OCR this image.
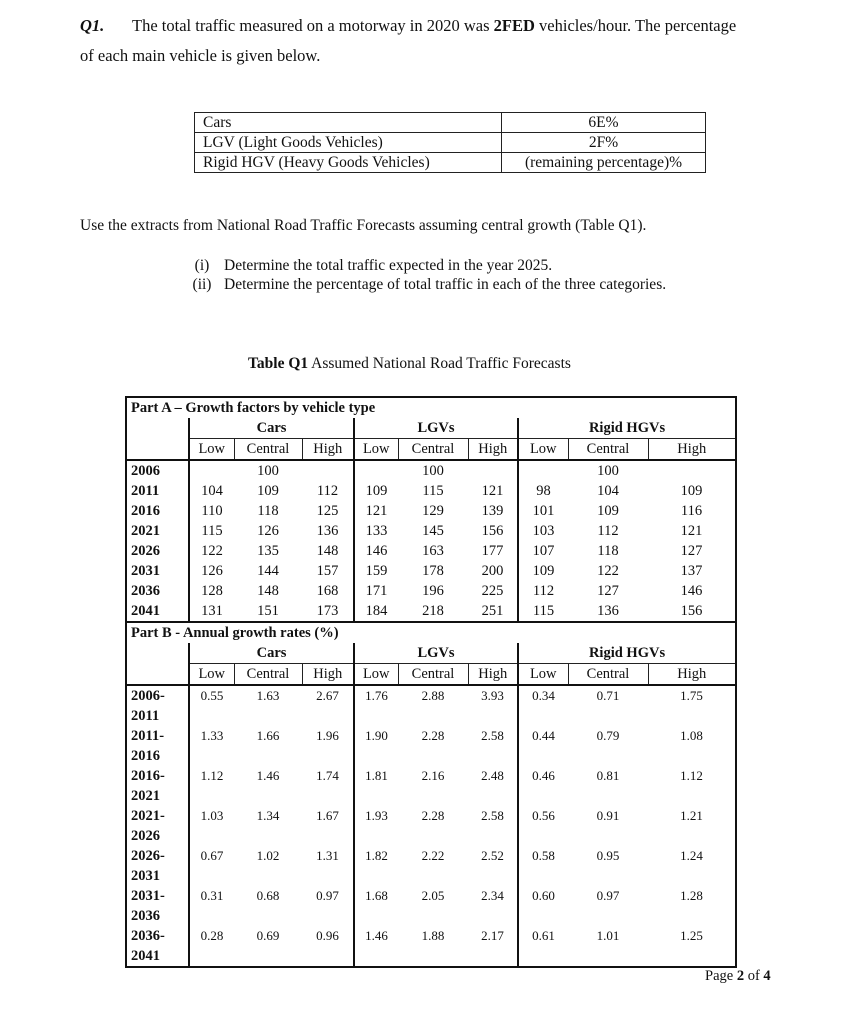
Q1. The total traffic measured on a motorway in 2020 was 2FED vehicles/hour. The percentage
of each main vehicle is given below.
Cars	6E%
LGV (Light Goods Vehicles)	2F%
Rigid HGV (Heavy Goods Vehicles)	(remaining percentage)%
Use the extracts from National Road Traffic Forecasts assuming central growth (Table Q1).
(i) Determine the total traffic expected in the year 2025.
(ii) Determine the percentage of total traffic in each of the three categories.
Table Q1 Assumed National Road Traffic Forecasts
Part A – Growth factors by vehicle type									
	Cars			LGVs			Rigid HGVs		
	Low	Central	High	Low	Central	High	Low	Central	High
2006		100			100			100	
2011	104	109	112	109	115	121	98	104	109
2016	110	118	125	121	129	139	101	109	116
2021	115	126	136	133	145	156	103	112	121
2026	122	135	148	146	163	177	107	118	127
2031	126	144	157	159	178	200	109	122	137
2036	128	148	168	171	196	225	112	127	146
2041	131	151	173	184	218	251	115	136	156
Part B - Annual growth rates (%)									
	Cars			LGVs			Rigid HGVs		
	Low	Central	High	Low	Central	High	Low	Central	High

2006-
2011	0.55	1.63	2.67	1.76	2.88	3.93	0.34	0.71	1.75

2011-
2016	1.33	1.66	1.96	1.90	2.28	2.58	0.44	0.79	1.08

2016-
2021	1.12	1.46	1.74	1.81	2.16	2.48	0.46	0.81	1.12

2021-
2026	1.03	1.34	1.67	1.93	2.28	2.58	0.56	0.91	1.21

2026-
2031	0.67	1.02	1.31	1.82	2.22	2.52	0.58	0.95	1.24

2031-
2036	0.31	0.68	0.97	1.68	2.05	2.34	0.60	0.97	1.28

2036-
2041	0.28	0.69	0.96	1.46	1.88	2.17	0.61	1.01	1.25
Page 2 of 4
